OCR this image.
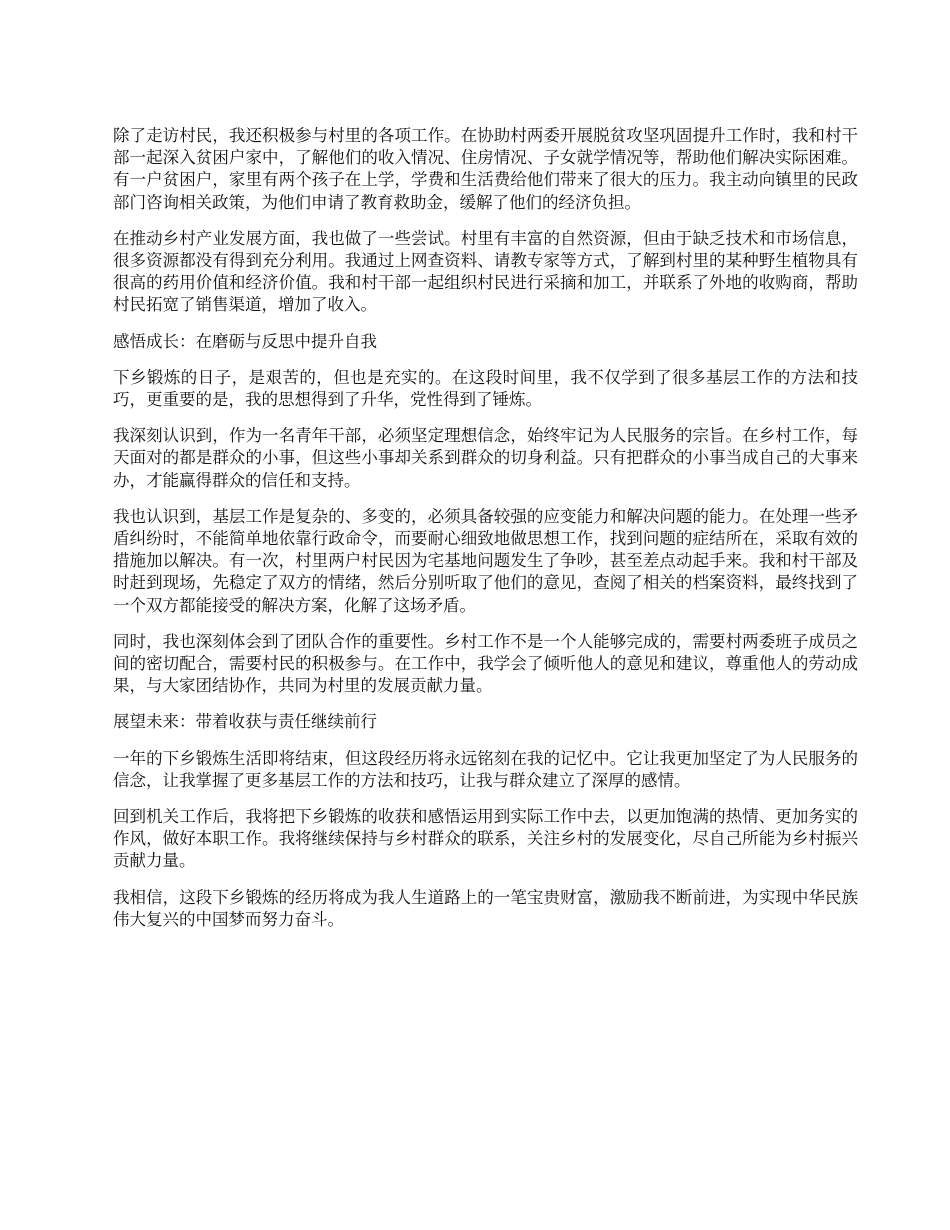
除了走访村民，我还积极参与村里的各项工作。在协助村两委开展脱贫攻坚巩固提升工作时，我和村干部一起深入贫困户家中，了解他们的收入情况、住房情况、子女就学情况等，帮助他们解决实际困难。有一户贫困户，家里有两个孩子在上学，学费和生活费给他们带来了很大的压力。我主动向镇里的民政部门咨询相关政策，为他们申请了教育救助金，缓解了他们的经济负担。

在推动乡村产业发展方面，我也做了一些尝试。村里有丰富的自然资源，但由于缺乏技术和市场信息，很多资源都没有得到充分利用。我通过上网查资料、请教专家等方式，了解到村里的某种野生植物具有很高的药用价值和经济价值。我和村干部一起组织村民进行采摘和加工，并联系了外地的收购商，帮助村民拓宽了销售渠道，增加了收入。

感悟成长：在磨砺与反思中提升自我

下乡锻炼的日子，是艰苦的，但也是充实的。在这段时间里，我不仅学到了很多基层工作的方法和技巧，更重要的是，我的思想得到了升华，党性得到了锤炼。

我深刻认识到，作为一名青年干部，必须坚定理想信念，始终牢记为人民服务的宗旨。在乡村工作，每天面对的都是群众的小事，但这些小事却关系到群众的切身利益。只有把群众的小事当成自己的大事来办，才能赢得群众的信任和支持。

我也认识到，基层工作是复杂的、多变的，必须具备较强的应变能力和解决问题的能力。在处理一些矛盾纠纷时，不能简单地依靠行政命令，而要耐心细致地做思想工作，找到问题的症结所在，采取有效的措施加以解决。有一次，村里两户村民因为宅基地问题发生了争吵，甚至差点动起手来。我和村干部及时赶到现场，先稳定了双方的情绪，然后分别听取了他们的意见，查阅了相关的档案资料，最终找到了一个双方都能接受的解决方案，化解了这场矛盾。

同时，我也深刻体会到了团队合作的重要性。乡村工作不是一个人能够完成的，需要村两委班子成员之间的密切配合，需要村民的积极参与。在工作中，我学会了倾听他人的意见和建议，尊重他人的劳动成果，与大家团结协作，共同为村里的发展贡献力量。

展望未来：带着收获与责任继续前行

一年的下乡锻炼生活即将结束，但这段经历将永远铭刻在我的记忆中。它让我更加坚定了为人民服务的信念，让我掌握了更多基层工作的方法和技巧，让我与群众建立了深厚的感情。

回到机关工作后，我将把下乡锻炼的收获和感悟运用到实际工作中去，以更加饱满的热情、更加务实的作风，做好本职工作。我将继续保持与乡村群众的联系，关注乡村的发展变化，尽自己所能为乡村振兴贡献力量。

我相信，这段下乡锻炼的经历将成为我人生道路上的一笔宝贵财富，激励我不断前进，为实现中华民族伟大复兴的中国梦而努力奋斗。
